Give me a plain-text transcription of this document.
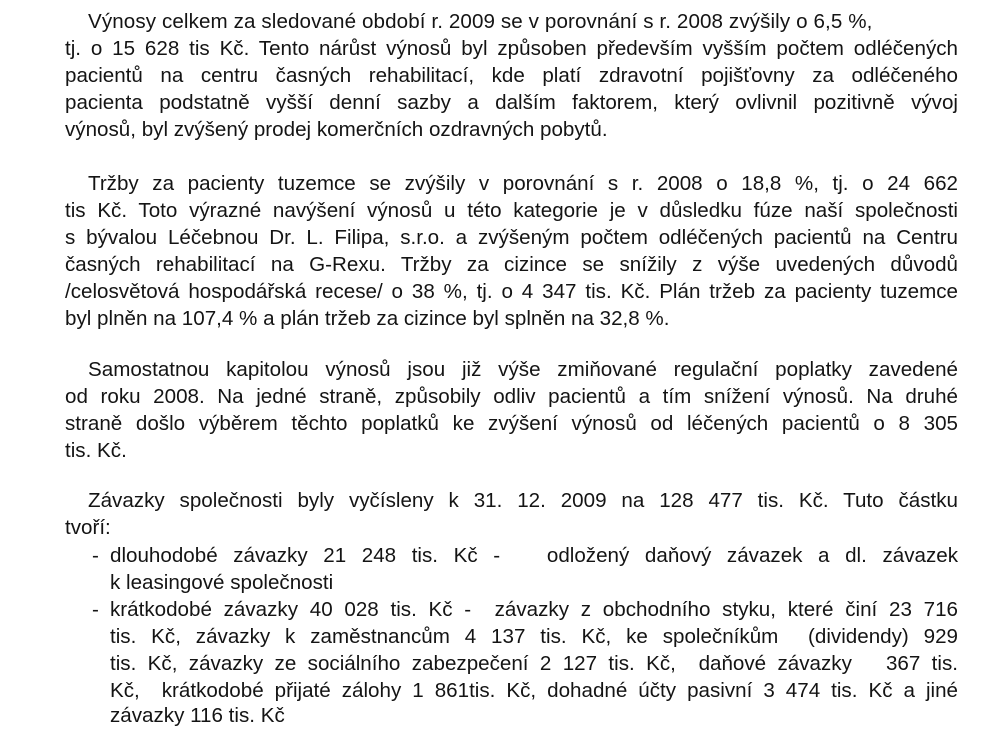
Výnosy celkem za sledované období r. 2009 se v porovnání s r. 2008 zvýšily o 6,5 %,
tj. o 15 628 tis Kč. Tento nárůst výnosů byl způsoben především vyšším počtem odléčených
pacientů na centru časných rehabilitací, kde platí zdravotní pojišťovny za odléčeného
pacienta podstatně vyšší denní sazby a dalším faktorem, který ovlivnil pozitivně vývoj
výnosů, byl zvýšený prodej komerčních ozdravných pobytů.
Tržby za pacienty tuzemce se zvýšily v porovnání s r. 2008 o 18,8 %, tj. o 24 662
tis Kč. Toto výrazné navýšení výnosů u této kategorie je v důsledku fúze naší společnosti
s bývalou Léčebnou Dr. L. Filipa, s.r.o. a zvýšeným počtem odléčených pacientů na Centru
časných rehabilitací na G-Rexu. Tržby za cizince se snížily z výše uvedených důvodů
/celosvětová hospodářská recese/ o 38 %, tj. o 4 347 tis. Kč. Plán tržeb za pacienty tuzemce
byl plněn na 107,4 % a plán tržeb za cizince byl splněn na 32,8 %.
Samostatnou kapitolou výnosů jsou již výše zmiňované regulační poplatky zavedené
od roku 2008. Na jedné straně, způsobily odliv pacientů a tím snížení výnosů. Na druhé
straně došlo výběrem těchto poplatků ke zvýšení výnosů od léčených pacientů o 8 305
tis. Kč.
Závazky společnosti byly vyčísleny k 31. 12. 2009 na 128 477 tis. Kč. Tuto částku
tvoří:
- dlouhodobé závazky 21 248 tis. Kč -   odložený daňový závazek a dl. závazek
k leasingové společnosti
- krátkodobé závazky 40 028 tis. Kč -  závazky z obchodního styku, které činí 23 716
tis. Kč, závazky k zaměstnancům 4 137 tis. Kč, ke společníkům  (dividendy) 929
tis. Kč, závazky ze sociálního zabezpečení 2 127 tis. Kč,  daňové závazky   367 tis.
Kč,  krátkodobé přijaté zálohy 1 861tis. Kč, dohadné účty pasivní 3 474 tis. Kč a jiné
závazky 116 tis. Kč
